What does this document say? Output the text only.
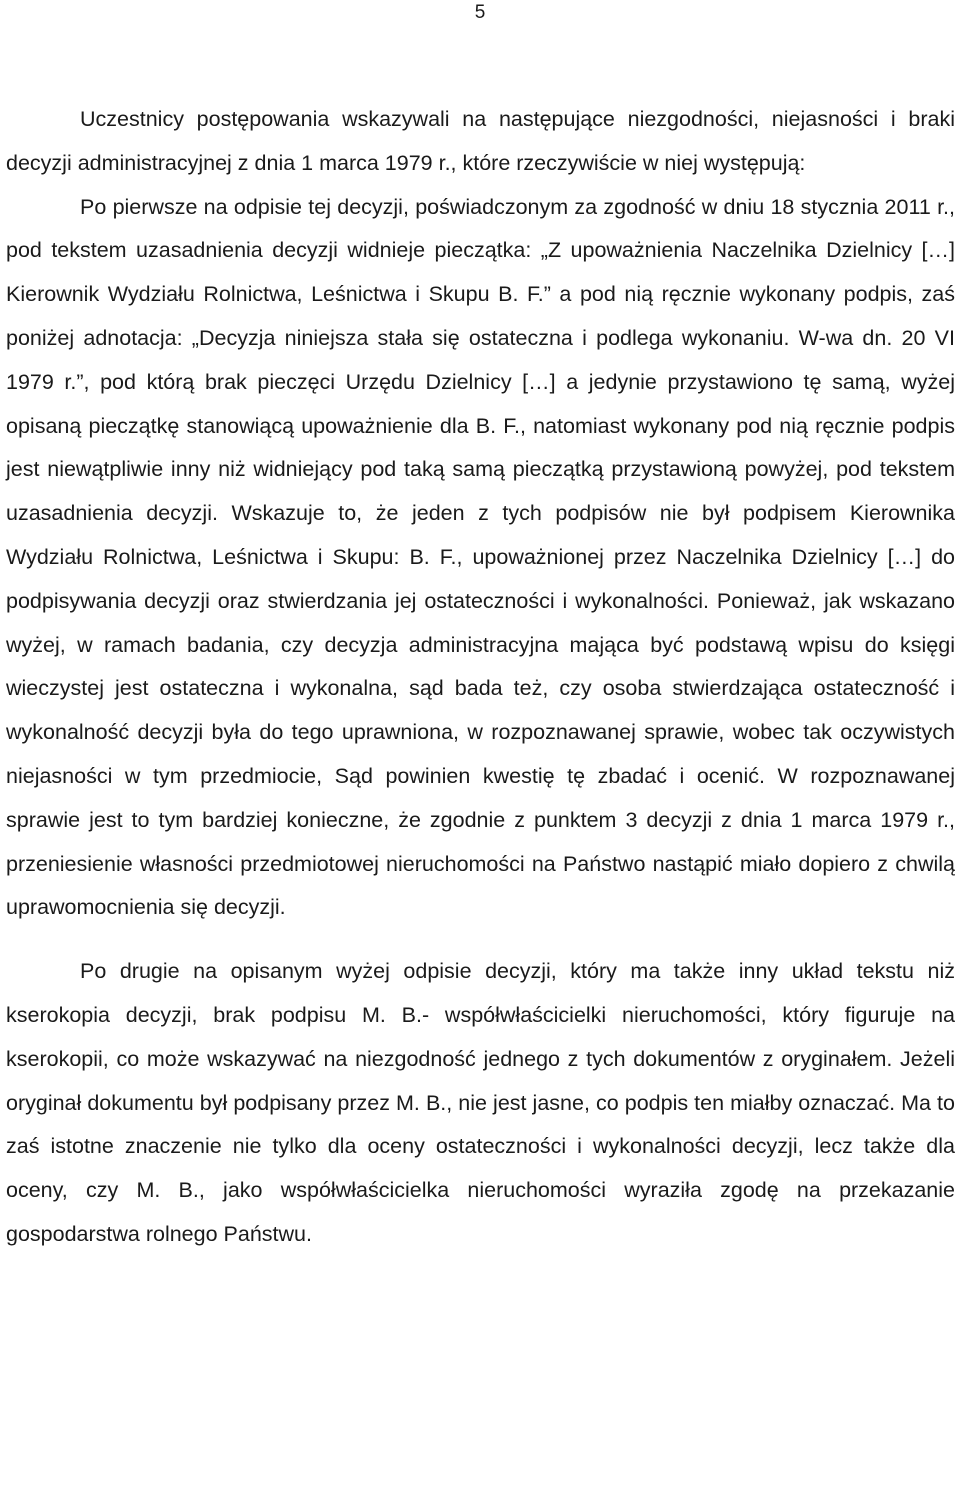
5

Uczestnicy postępowania wskazywali na następujące niezgodności, niejasności i braki decyzji administracyjnej z dnia 1 marca 1979 r., które rzeczywiście w niej występują:

Po pierwsze na odpisie tej decyzji, poświadczonym za zgodność w dniu 18 stycznia 2011 r., pod tekstem uzasadnienia decyzji widnieje pieczątka: „Z upoważnienia Naczelnika Dzielnicy […] Kierownik Wydziału Rolnictwa, Leśnictwa i Skupu B. F.” a pod nią ręcznie wykonany podpis, zaś poniżej adnotacja: „Decyzja niniejsza stała się ostateczna i podlega wykonaniu. W-wa dn. 20 VI 1979 r.”, pod którą brak pieczęci Urzędu Dzielnicy […] a jedynie przystawiono tę samą, wyżej opisaną pieczątkę stanowiącą upoważnienie dla B. F., natomiast wykonany pod nią ręcznie podpis jest niewątpliwie inny niż widniejący pod taką samą pieczątką przystawioną powyżej, pod tekstem uzasadnienia decyzji. Wskazuje to, że jeden z tych podpisów nie był podpisem Kierownika Wydziału Rolnictwa, Leśnictwa i Skupu: B. F., upoważnionej przez Naczelnika Dzielnicy […] do podpisywania decyzji oraz stwierdzania jej ostateczności i wykonalności. Ponieważ, jak wskazano wyżej, w ramach badania, czy decyzja administracyjna mająca być podstawą wpisu do księgi wieczystej jest ostateczna i wykonalna, sąd bada też, czy osoba stwierdzająca ostateczność i wykonalność decyzji była do tego uprawniona, w rozpoznawanej sprawie, wobec tak oczywistych niejasności w tym przedmiocie, Sąd powinien kwestię tę zbadać i ocenić. W rozpoznawanej sprawie jest to tym bardziej konieczne, że zgodnie z punktem 3 decyzji z dnia 1 marca 1979 r., przeniesienie własności przedmiotowej nieruchomości na Państwo nastąpić miało dopiero z chwilą uprawomocnienia się decyzji.

Po drugie na opisanym wyżej odpisie decyzji, który ma także inny układ tekstu niż kserokopia decyzji, brak podpisu M. B.- współwłaścicielki nieruchomości, który figuruje na kserokopii, co może wskazywać na niezgodność jednego z tych dokumentów z oryginałem. Jeżeli oryginał dokumentu był podpisany przez M. B., nie jest jasne, co podpis ten miałby oznaczać. Ma to zaś istotne znaczenie nie tylko dla oceny ostateczności i wykonalności decyzji, lecz także dla oceny, czy M. B., jako współwłaścicielka nieruchomości wyraziła zgodę na przekazanie gospodarstwa rolnego Państwu.
